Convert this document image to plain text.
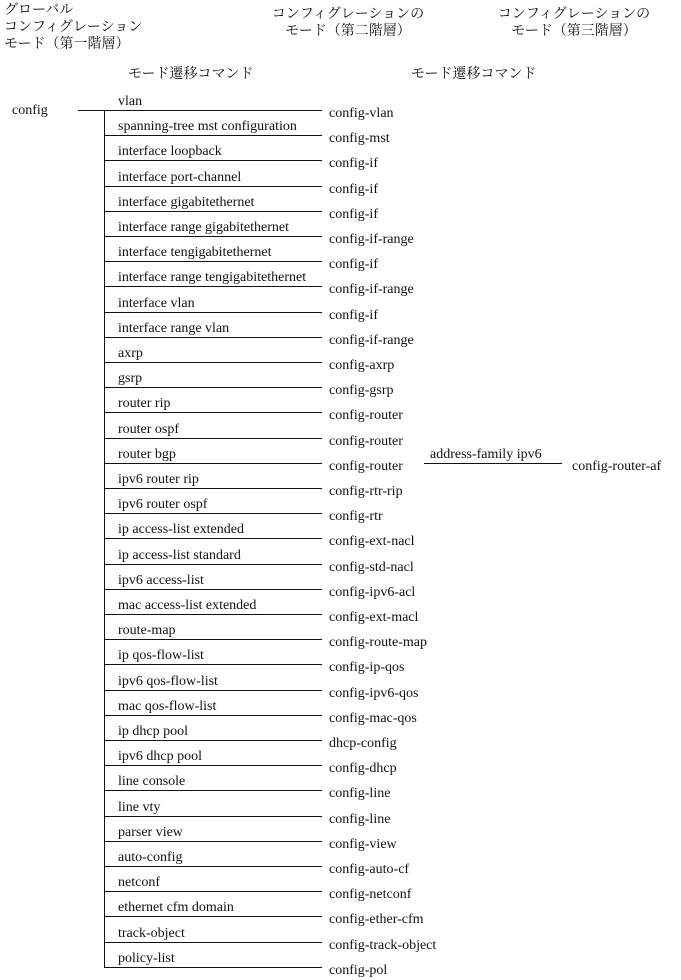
グローバル
コンフィグレーション
モード（第一階層）
コンフィグレーションの
モード（第二階層）
コンフィグレーションの
モード（第三階層）
モード遷移コマンド	モード遷移コマンド
config
vlan
spanning-tree mst configuration
interface loopback
interface port-channel
interface gigabitethernet
interface range gigabitethernet
interface tengigabitethernet
interface range tengigabitethernet
interface vlan
interface range vlan
axrp
gsrp
router rip
router ospf
router bgp
ipv6 router rip
ipv6 router ospf
ip access-list extended
ip access-list standard
ipv6 access-list
mac access-list extended
route-map
ip qos-flow-list
ipv6 qos-flow-list
mac qos-flow-list
ip dhcp pool
ipv6 dhcp pool
line console
line vty
parser view
auto-config
netconf
ethernet cfm domain
track-object
policy-list
config-vlan
config-mst
config-if
config-if
config-if
config-if-range
config-if
config-if-range
config-if
config-if-range
config-axrp
config-gsrp
config-router
config-router
config-router
config-rtr-rip
config-rtr
config-ext-nacl
config-std-nacl
config-ipv6-acl
config-ext-macl
config-route-map
config-ip-qos
config-ipv6-qos
config-mac-qos
dhcp-config
config-dhcp
config-line
config-line
config-view
config-auto-cf
config-netconf
config-ether-cfm
config-track-object
config-pol
address-family ipv6
config-router-af
